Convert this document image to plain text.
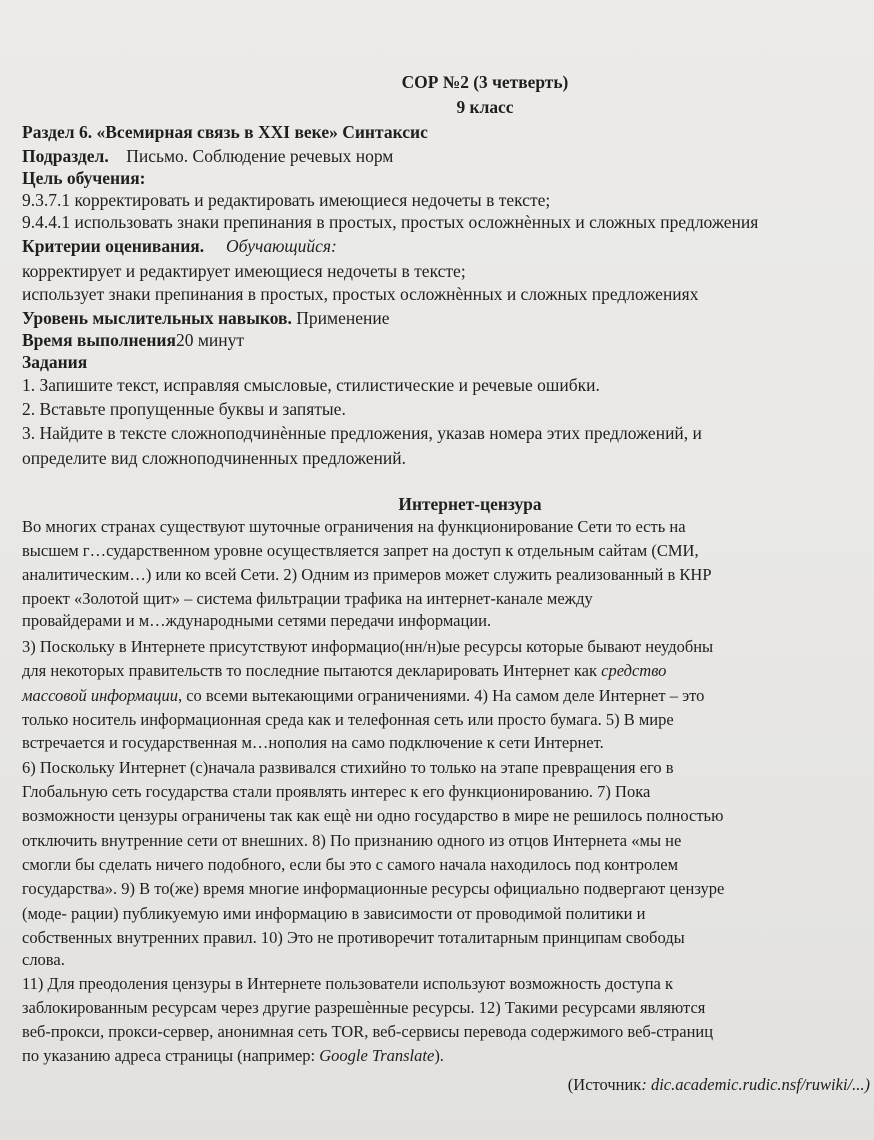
СОР №2 (3 четверть)
9 класс
Раздел 6. «Всемирная связь в XXI веке» Синтаксис
Подраздел. Письмо. Соблюдение речевых норм
Цель обучения:
9.3.7.1 корректировать и редактировать имеющиеся недочеты в тексте;
9.4.4.1 использовать знаки препинания в простых, простых осложнѐнных и сложных предложения
Критерии оценивания. Обучающийся:
корректирует и редактирует имеющиеся недочеты в тексте;
использует знаки препинания в простых, простых осложнѐнных и сложных предложениях
Уровень мыслительных навыков. Применение
Время выполнения20 минут
Задания
1. Запишите текст, исправляя смысловые, стилистические и речевые ошибки.
2. Вставьте пропущенные буквы и запятые.
3. Найдите в тексте сложноподчинѐнные предложения, указав номера этих предложений, и
определите вид сложноподчиненных предложений.
Интернет-цензура
Во многих странах существуют шуточные ограничения на функционирование Сети то есть на
высшем г…сударственном уровне осуществляется запрет на доступ к отдельным сайтам (СМИ,
аналитическим…) или ко всей Сети. 2) Одним из примеров может служить реализованный в КНР
проект «Золотой щит» – система фильтрации трафика на интернет-канале между
провайдерами и м…ждународными сетями передачи информации.
3) Поскольку в Интернете присутствуют информацио(нн/н)ые ресурсы которые бывают неудобны
для некоторых правительств то последние пытаются декларировать Интернет как средство
массовой информации, со всеми вытекающими ограничениями. 4) На самом деле Интернет – это
только носитель информационная среда как и телефонная сеть или просто бумага. 5) В мире
встречается и государственная м…нополия на само подключение к сети Интернет.
6) Поскольку Интернет (с)начала развивался стихийно то только на этапе превращения его в
Глобальную сеть государства стали проявлять интерес к его функционированию. 7) Пока
возможности цензуры ограничены так как ещѐ ни одно государство в мире не решилось полностью
отключить внутренние сети от внешних. 8) По признанию одного из отцов Интернета «мы не
смогли бы сделать ничего подобного, если бы это с самого начала находилось под контролем
государства». 9) В то(же) время многие информационные ресурсы официально подвергают цензуре
(моде- рации) публикуемую ими информацию в зависимости от проводимой политики и
собственных внутренних правил. 10) Это не противоречит тоталитарным принципам свободы
слова.
11) Для преодоления цензуры в Интернете пользователи используют возможность доступа к
заблокированным ресурсам через другие разрешѐнные ресурсы. 12) Такими ресурсами являются
веб-прокси, прокси-сервер, анонимная сеть TOR, веб-сервисы перевода содержимого веб-страниц
по указанию адреса страницы (например: Google Translate).
(Источник: dic.academic.rudic.nsf/ruwiki/...)
